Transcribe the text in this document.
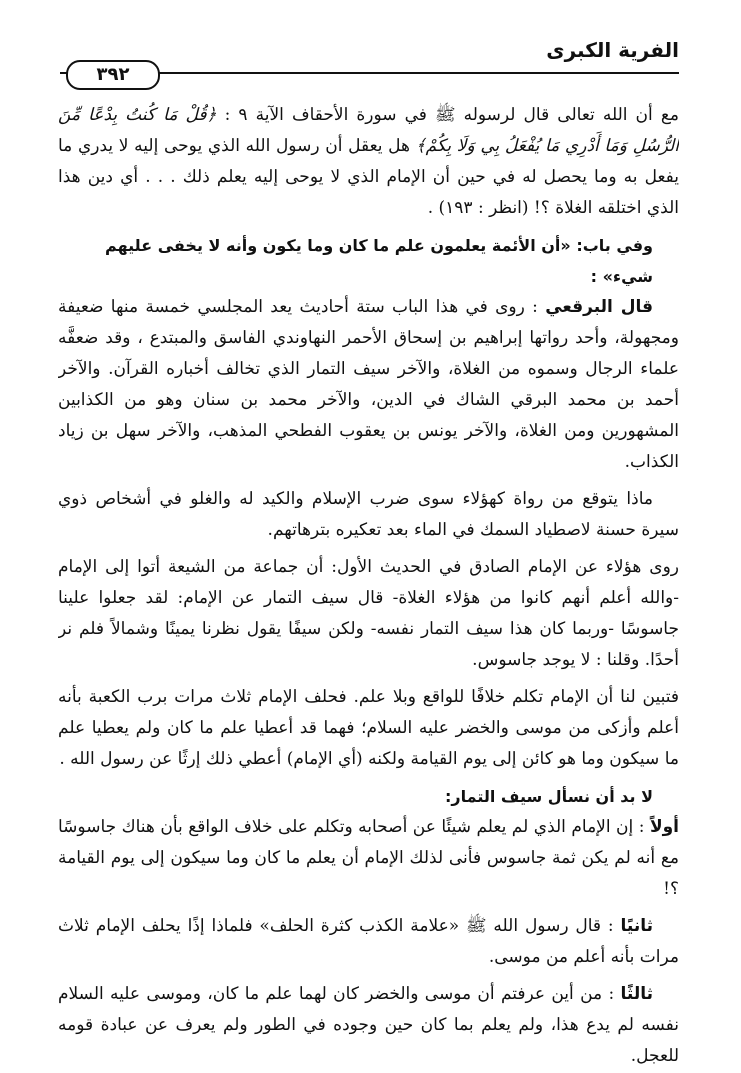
الفرية الكبرى
٣٩٢

مع أن الله تعالى قال لرسوله ﷺ في سورة الأحقاف الآية ٩ : ﴿قُلْ مَا كُنتُ بِدْعًا مِّنَ الرُّسُلِ وَمَا أَدْرِي مَا يُفْعَلُ بِي وَلَا بِكُمْ﴾ هل يعقل أن رسول الله الذي يوحى إليه لا يدري ما يفعل به وما يحصل له في حين أن الإمام الذي لا يوحى إليه يعلم ذلك . . . أي دين هذا الذي اختلقه الغلاة ؟! (انظر : ١٩٣) .

وفي باب: «أن الأئمة يعلمون علم ما كان وما يكون وأنه لا يخفى عليهم شيء» :

قال البرقعي : روى في هذا الباب ستة أحاديث يعد المجلسي خمسة منها ضعيفة ومجهولة، وأحد رواتها إبراهيم بن إسحاق الأحمر النهاوندي الفاسق والمبتدع ، وقد ضعفَّه علماء الرجال وسموه من الغلاة، والآخر سيف التمار الذي تخالف أخباره القرآن. والآخر أحمد بن محمد البرقي الشاك في الدين، والآخر محمد بن سنان وهو من الكذابين المشهورين ومن الغلاة، والآخر يونس بن يعقوب الفطحي المذهب، والآخر سهل بن زياد الكذاب.

ماذا يتوقع من رواة كهؤلاء سوى ضرب الإسلام والكيد له والغلو في أشخاص ذوي سيرة حسنة لاصطياد السمك في الماء بعد تعكيره بترهاتهم.

روى هؤلاء عن الإمام الصادق في الحديث الأول: أن جماعة من الشيعة أتوا إلى الإمام -والله أعلم أنهم كانوا من هؤلاء الغلاة- قال سيف التمار عن الإمام: لقد جعلوا علينا جاسوسًا -وربما كان هذا سيف التمار نفسه- ولكن سيفًا يقول نظرنا يمينًا وشمالاً فلم نر أحدًا. وقلنا : لا يوجد جاسوس.

فتبين لنا أن الإمام تكلم خلافًا للواقع وبلا علم. فحلف الإمام ثلاث مرات برب الكعبة بأنه أعلم وأزكى من موسى والخضر عليه السلام؛ فهما قد أعطيا علم ما كان ولم يعطيا علم ما سيكون وما هو كائن إلى يوم القيامة ولكنه (أي الإمام) أعطي ذلك إرثًا عن رسول الله .

لا بد أن نسأل سيف التمار:

أولاً : إن الإمام الذي لم يعلم شيئًا عن أصحابه وتكلم على خلاف الواقع بأن هناك جاسوسًا مع أنه لم يكن ثمة جاسوس فأنى لذلك الإمام أن يعلم ما كان وما سيكون إلى يوم القيامة ؟!

ثانيًا : قال رسول الله ﷺ «علامة الكذب كثرة الحلف» فلماذا إذًا يحلف الإمام ثلاث مرات بأنه أعلم من موسى.

ثالثًا : من أين عرفتم أن موسى والخضر كان لهما علم ما كان، وموسى عليه السلام نفسه لم يدع هذا، ولم يعلم بما كان حين وجوده في الطور ولم يعرف عن عبادة قومه للعجل.
